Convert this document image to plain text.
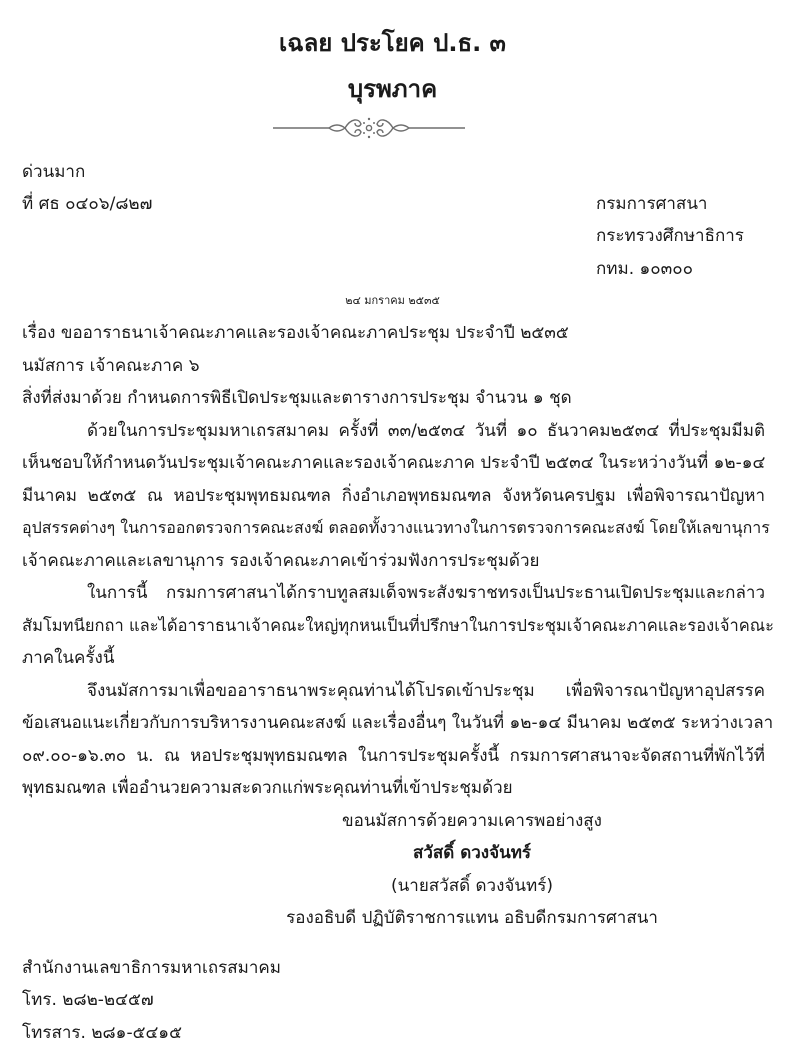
เฉลย ประโยค ป.ธ. ๓
บุรพภาค
ด่วนมาก
ที่ ศธ ๐๔๐๖/๘๒๗	กรมการศาสนา
กระทรวงศึกษาธิการ
กทม. ๑๐๓๐๐
๒๔ มกราคม ๒๕๓๕
เรื่อง ขออาราธนาเจ้าคณะภาคและรองเจ้าคณะภาคประชุม ประจำปี ๒๕๓๕
นมัสการ เจ้าคณะภาค ๖
สิ่งที่ส่งมาด้วย กำหนดการพิธีเปิดประชุมและตารางการประชุม จำนวน ๑ ชุด
ด้วยในการประชุมมหาเถรสมาคม ครั้งที่ ๓๓/๒๕๓๔ วันที่ ๑๐ ธันวาคม๒๕๓๔ ที่ประชุมมีมติ
เห็นชอบให้กำหนดวันประชุมเจ้าคณะภาคและรองเจ้าคณะภาค ประจำปี ๒๕๓๔ ในระหว่างวันที่ ๑๒-๑๔
มีนาคม ๒๕๓๕ ณ หอประชุมพุทธมณฑล กิ่งอำเภอพุทธมณฑล จังหวัดนครปฐม เพื่อพิจารณาปัญหา
อุปสรรคต่างๆ ในการออกตรวจการคณะสงฆ์ ตลอดทั้งวางแนวทางในการตรวจการคณะสงฆ์ โดยให้เลขานุการ
เจ้าคณะภาคและเลขานุการ รองเจ้าคณะภาคเข้าร่วมฟังการประชุมด้วย
ในการนี้ กรมการศาสนาได้กราบทูลสมเด็จพระสังฆราชทรงเป็นประธานเปิดประชุมและกล่าว
สัมโมทนียกถา และได้อาราธนาเจ้าคณะใหญ่ทุกหนเป็นที่ปรึกษาในการประชุมเจ้าคณะภาคและรองเจ้าคณะ
ภาคในครั้งนี้
จึงนมัสการมาเพื่อขออาราธนาพระคุณท่านได้โปรดเข้าประชุม เพื่อพิจารณาปัญหาอุปสรรค
ข้อเสนอแนะเกี่ยวกับการบริหารงานคณะสงฆ์ และเรื่องอื่นๆ ในวันที่ ๑๒-๑๔ มีนาคม ๒๕๓๕ ระหว่างเวลา
๐๙.๐๐-๑๖.๓๐ น. ณ หอประชุมพุทธมณฑล ในการประชุมครั้งนี้ กรมการศาสนาจะจัดสถานที่พักไว้ที่
พุทธมณฑล เพื่ออำนวยความสะดวกแก่พระคุณท่านที่เข้าประชุมด้วย
ขอนมัสการด้วยความเคารพอย่างสูง
สวัสดิ์ ดวงจันทร์
(นายสวัสดิ์ ดวงจันทร์)
รองอธิบดี ปฏิบัติราชการแทน อธิบดีกรมการศาสนา
สำนักงานเลขาธิการมหาเถรสมาคม
โทร. ๒๘๒-๒๔๕๗
โทรสาร. ๒๘๑-๕๔๑๕
